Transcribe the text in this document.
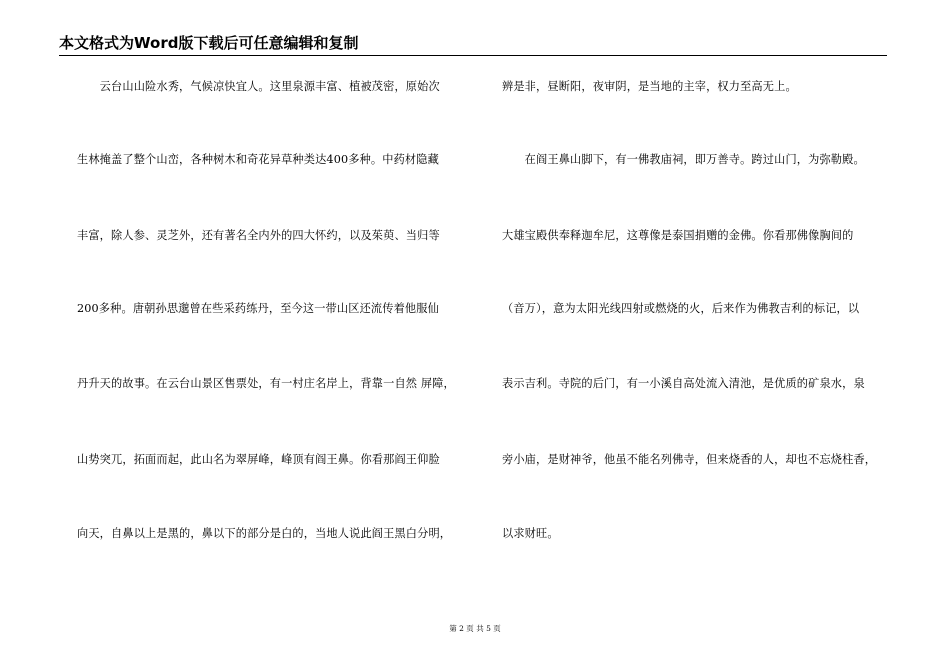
本文格式为Word版下载后可任意编辑和复制
　　云台山山险水秀，气候凉快宜人。这里泉源丰富、植被茂密，原始次
生林掩盖了整个山峦，各种树木和奇花异草种类达400多种。中药材隐藏
丰富，除人参、灵芝外，还有著名全内外的四大怀约，以及茱萸、当归等
200多种。唐朝孙思邈曾在些采药练丹，至今这一带山区还流传着他服仙
丹升天的故事。在云台山景区售票处，有一村庄名岸上，背靠一自然 屏障，
山势突兀，拓面而起，此山名为翠屏峰，峰顶有阎王鼻。你看那阎王仰脸
向天，自鼻以上是黑的，鼻以下的部分是白的，当地人说此阎王黑白分明，
辨是非，昼断阳，夜审阴，是当地的主宰，权力至高无上。
　　在阎王鼻山脚下，有一佛教庙祠，即万善寺。跨过山门，为弥勒殿。
大雄宝殿供奉释迦牟尼，这尊像是泰国捐赠的金佛。你看那佛像胸间的
（音万），意为太阳光线四射或燃烧的火，后来作为佛教吉利的标记，以
表示吉利。寺院的后门，有一小溪自高处流入清池，是优质的矿泉水，泉
旁小庙，是财神爷，他虽不能名列佛寺，但来烧香的人，却也不忘烧柱香，
以求财旺。
第 2 页 共 5 页
